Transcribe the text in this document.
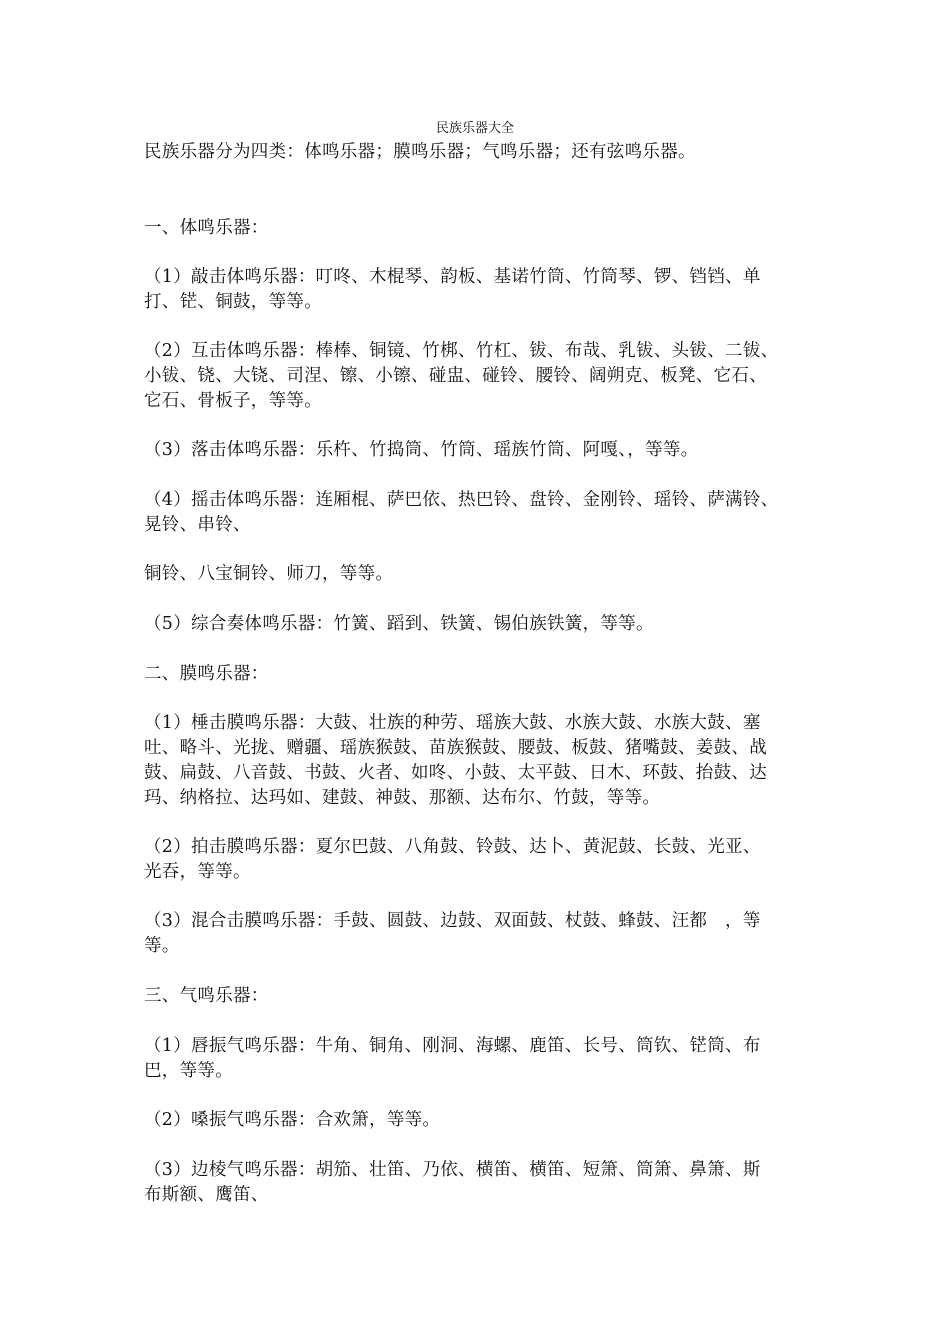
民族乐器大全

民族乐器分为四类：体鸣乐器；膜鸣乐器；气鸣乐器；还有弦鸣乐器。

一、体鸣乐器：

（1）敲击体鸣乐器：叮咚、木棍琴、韵板、基诺竹筒、竹筒琴、锣、铛铛、单

打、铓、铜鼓，等等。

（2）互击体鸣乐器：棒棒、铜镜、竹梆、竹杠、钹、布哉、乳钹、头钹、二钹、

小钹、铙、大铙、司涅、镲、小镲、碰盅、碰铃、腰铃、阔朔克、板凳、它石、

它石、骨板子，等等。

（3）落击体鸣乐器：乐杵、竹捣筒、竹筒、瑶族竹筒、阿嘎、，等等。

（4）摇击体鸣乐器：连厢棍、萨巴依、热巴铃、盘铃、金刚铃、瑶铃、萨满铃、

晃铃、串铃、

铜铃、八宝铜铃、师刀，等等。

（5）综合奏体鸣乐器：竹簧、蹈到、铁簧、锡伯族铁簧，等等。

二、膜鸣乐器：

（1）棰击膜鸣乐器：大鼓、壮族的种劳、瑶族大鼓、水族大鼓、水族大鼓、塞

吐、略斗、光拢、赠疆、瑶族猴鼓、苗族猴鼓、腰鼓、板鼓、猪嘴鼓、姜鼓、战

鼓、扁鼓、八音鼓、书鼓、火者、如咚、小鼓、太平鼓、日木、环鼓、抬鼓、达

玛、纳格拉、达玛如、建鼓、神鼓、那额、达布尔、竹鼓，等等。

（2）拍击膜鸣乐器：夏尔巴鼓、八角鼓、铃鼓、达卜、黄泥鼓、长鼓、光亚、

光吞，等等。

（3）混合击膜鸣乐器：手鼓、圆鼓、边鼓、双面鼓、杖鼓、蜂鼓、汪都　，等

等。

三、气鸣乐器：

（1）唇振气鸣乐器：牛角、铜角、刚洞、海螺、鹿笛、长号、筒钦、铓筒、布

巴，等等。

（2）嗓振气鸣乐器：合欢箫，等等。

（3）边棱气鸣乐器：胡笳、壮笛、乃依、横笛、横笛、短箫、筒箫、鼻箫、斯

布斯额、鹰笛、
